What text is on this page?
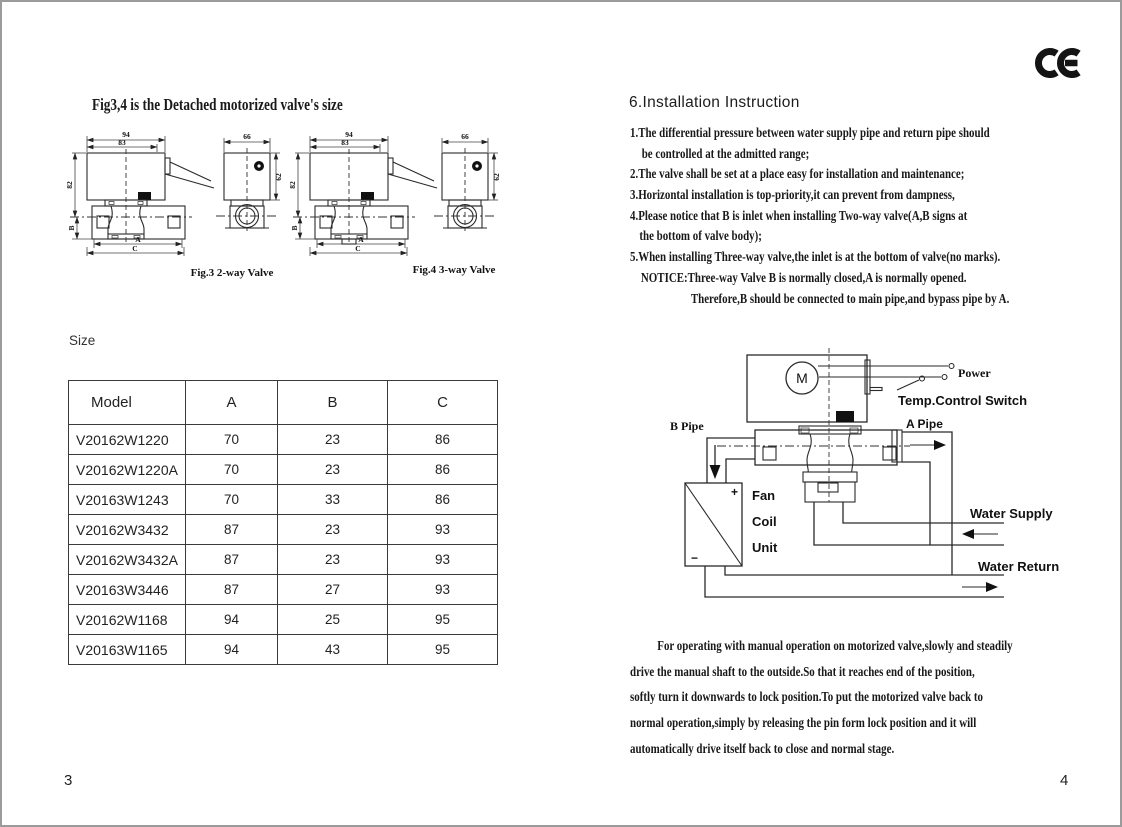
Fig3,4 is the Detached motorized valve's size
94
83
82
B
A
C
66
62
Fig.3 2-way Valve
94
83
82
B
A
C
66
62
Fig.4 3-way Valve
Size
Model	A	B	C
V20162W1220	70	23	86
V20162W1220A	70	23	86
V20163W1243	70	33	86
V20162W3432	87	23	93
V20162W3432A	87	23	93
V20163W3446	87	27	93
V20162W1168	94	25	95
V20163W1165	94	43	95
3
6.Installation Instruction
1.The differential pressure between water supply pipe and return pipe should
be controlled at the admitted range;
2.The valve shall be set at a place easy for installation and maintenance;
3.Horizontal installation is top-priority,it can prevent from dampness,
4.Please notice that B is inlet when installing Two-way valve(A,B signs at
the bottom of valve body);
5.When installing Three-way valve,the inlet is at the bottom of valve(no marks).
NOTICE:Three-way Valve B is normally closed,A is normally opened.
Therefore,B should be connected to main pipe,and bypass pipe by A.
M	Power
Temp.Control Switch
B Pipe
+
−
Fan
Coil
Unit
A Pipe
Water Supply
Water Return
For operating with manual operation on motorized valve,slowly and steadily
drive the manual shaft to the outside.So that it reaches end of the position,
softly turn it downwards to lock position.To put the motorized valve back to
normal operation,simply by releasing the pin form lock position and it will
automatically drive itself back to close and normal stage.
4
